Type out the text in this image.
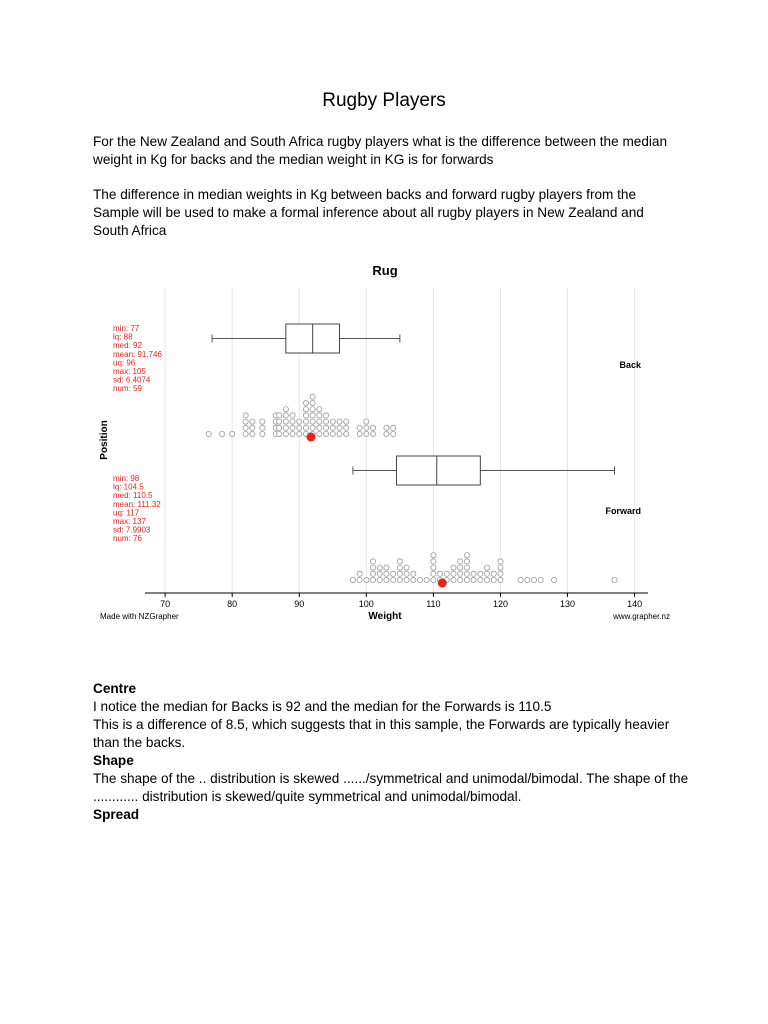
Rugby Players

For the New Zealand and South Africa rugby players what is the difference between the median weight in Kg for backs and the median weight in KG is for forwards

The difference in median weights in Kg between backs and forward rugby players from the Sample will be used to make a formal inference about all rugby players in New Zealand and South Africa

70	80	90	100	110	120	130	140
Rug
Weight
Position
Made with NZGrapher	www.grapher.nz
Back
min: 77
lq: 88
med: 92
mean: 91.746
uq: 96
max: 105
sd: 6.4074
num: 59
Forward
min: 98
lq: 104.5
med: 110.5
mean: 111.32
uq: 117
max: 137
sd: 7.9903
num: 76
Centre
I notice the median for Backs is 92 and the median for the Forwards is 110.5
This is a difference of 8.5, which suggests that in this sample, the Forwards are typically heavier than the backs.
Shape
The shape of the .. distribution is skewed ....../symmetrical and unimodal/bimodal. The shape of the ............ distribution is skewed/quite symmetrical and unimodal/bimodal.
Spread
